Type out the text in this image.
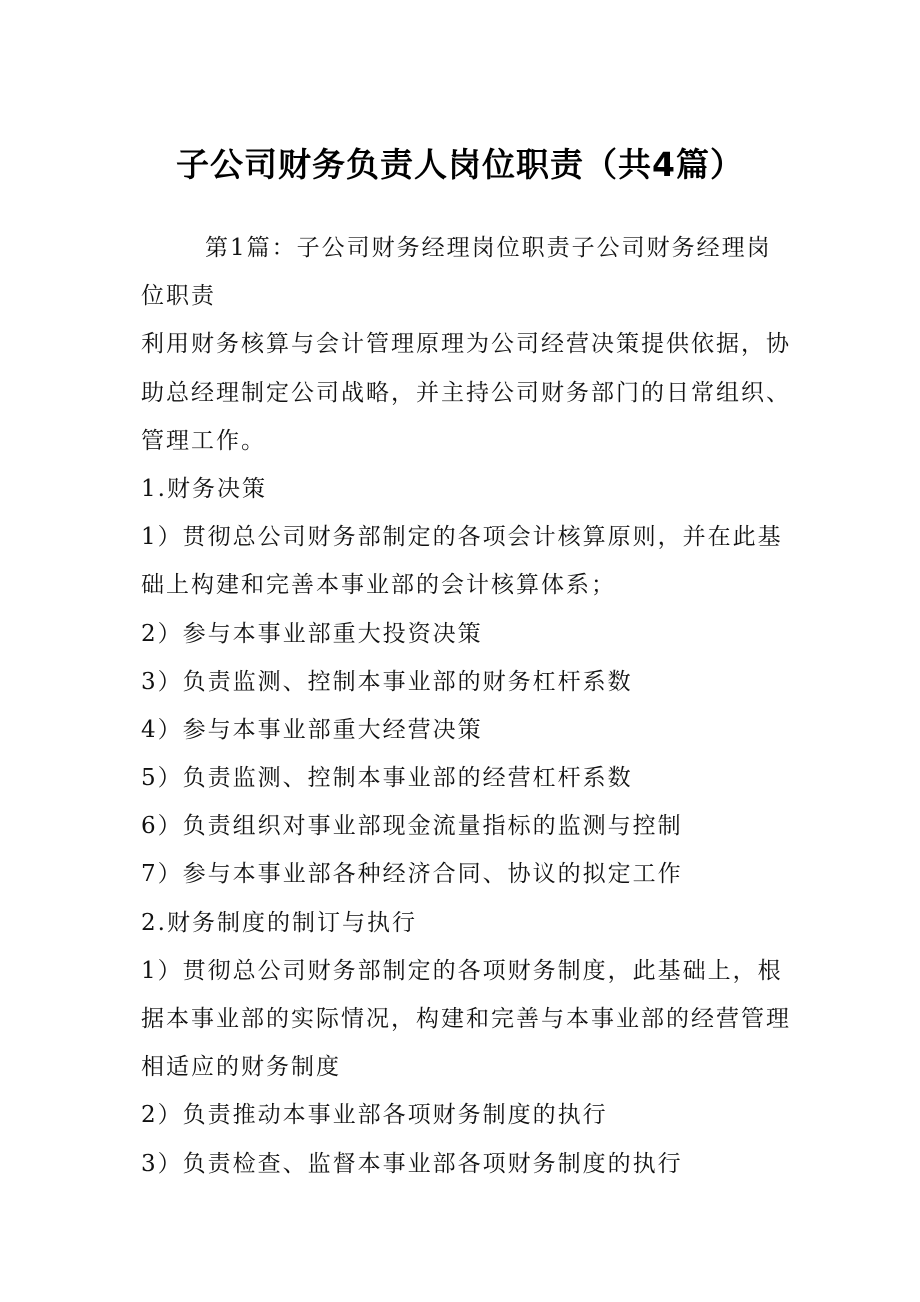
子公司财务负责人岗位职责（共4篇）
第1篇：子公司财务经理岗位职责子公司财务经理岗
位职责
利用财务核算与会计管理原理为公司经营决策提供依据，协
助总经理制定公司战略，并主持公司财务部门的日常组织、
管理工作。
1.财务决策
1）贯彻总公司财务部制定的各项会计核算原则，并在此基
础上构建和完善本事业部的会计核算体系；
2）参与本事业部重大投资决策
3）负责监测、控制本事业部的财务杠杆系数
4）参与本事业部重大经营决策
5）负责监测、控制本事业部的经营杠杆系数
6）负责组织对事业部现金流量指标的监测与控制
7）参与本事业部各种经济合同、协议的拟定工作
2.财务制度的制订与执行
1）贯彻总公司财务部制定的各项财务制度，此基础上，根
据本事业部的实际情况，构建和完善与本事业部的经营管理
相适应的财务制度
2）负责推动本事业部各项财务制度的执行
3）负责检查、监督本事业部各项财务制度的执行
